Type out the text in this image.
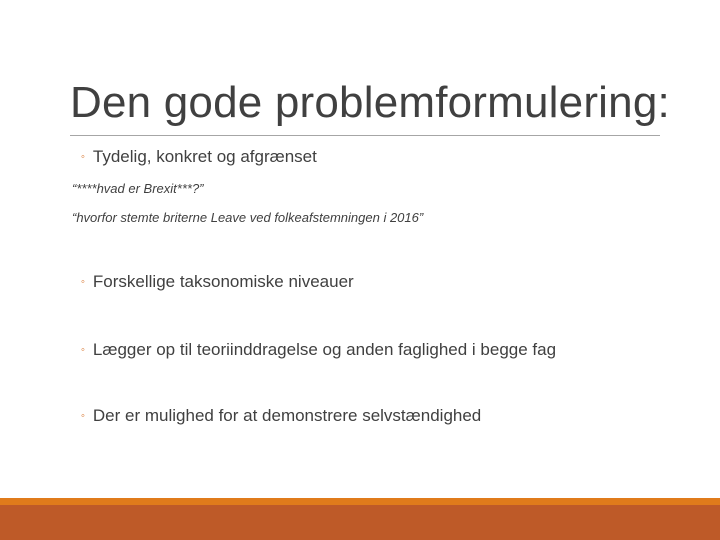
Den gode problemformulering:
◦ Tydelig, konkret og afgrænset
“****hvad er Brexit***?”
“hvorfor stemte briterne Leave ved folkeafstemningen i 2016”
◦ Forskellige taksonomiske niveauer
◦ Lægger op til teoriinddragelse og anden faglighed i begge fag
◦ Der er mulighed for at demonstrere selvstændighed
